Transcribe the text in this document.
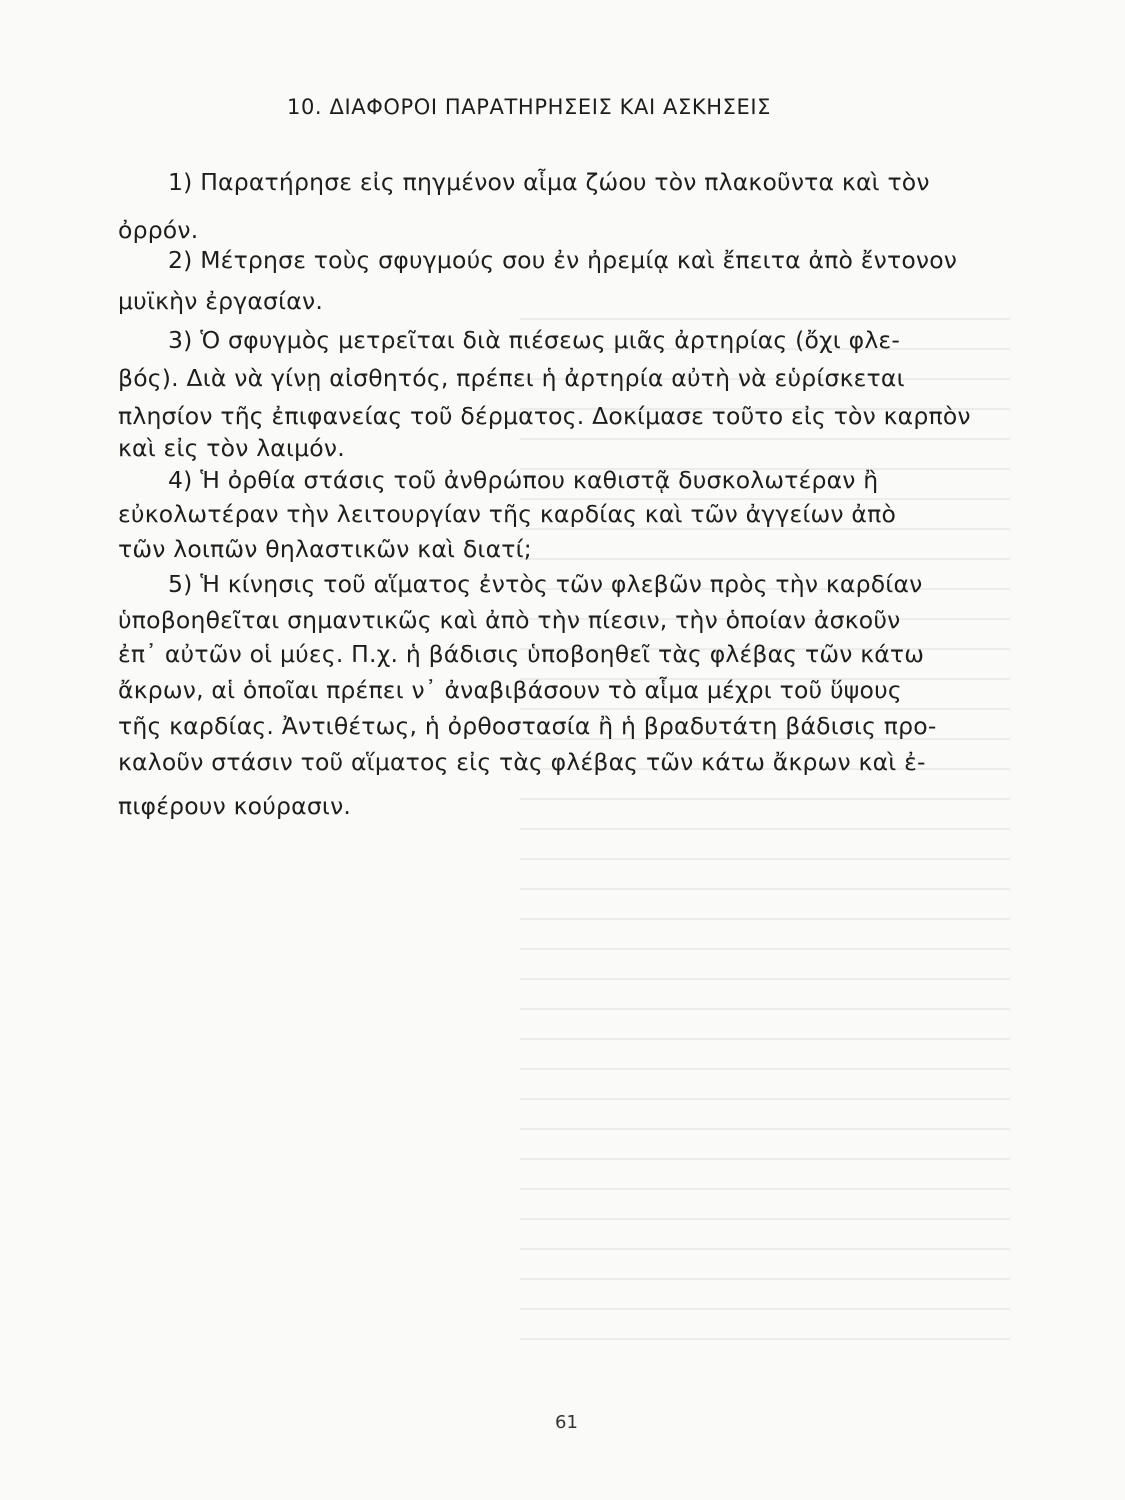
10. ΔΙΑΦΟΡΟΙ ΠΑΡΑΤΗΡΗΣΕΙΣ ΚΑΙ ΑΣΚΗΣΕΙΣ
1) Παρατήρησε εἰς πηγμένον αἷμα ζώου τὸν πλακοῦντα καὶ τὸν
ὀρρόν.
2) Μέτρησε τοὺς σφυγμούς σου ἐν ἠρεμίᾳ καὶ ἔπειτα ἀπὸ ἔντονον
μυϊκὴν ἐργασίαν.
3) Ὁ σφυγμὸς μετρεῖται διὰ πιέσεως μιᾶς ἀρτηρίας (ὄχι φλε-
βός). Διὰ νὰ γίνῃ αἰσθητός, πρέπει ἡ ἀρτηρία αὐτὴ νὰ εὑρίσκεται
πλησίον τῆς ἐπιφανείας τοῦ δέρματος. Δοκίμασε τοῦτο εἰς τὸν καρπὸν
καὶ εἰς τὸν λαιμόν.
4) Ἡ ὀρθία στάσις τοῦ ἀνθρώπου καθιστᾷ δυσκολωτέραν ἢ
εὐκολωτέραν τὴν λειτουργίαν τῆς καρδίας καὶ τῶν ἀγγείων ἀπὸ
τῶν λοιπῶν θηλαστικῶν καὶ διατί;
5) Ἡ κίνησις τοῦ αἵματος ἐντὸς τῶν φλεβῶν πρὸς τὴν καρδίαν
ὑποβοηθεῖται σημαντικῶς καὶ ἀπὸ τὴν πίεσιν, τὴν ὁποίαν ἀσκοῦν
ἐπ᾽ αὐτῶν οἱ μύες. Π.χ. ἡ βάδισις ὑποβοηθεῖ τὰς φλέβας τῶν κάτω
ἄκρων, αἱ ὁποῖαι πρέπει ν᾽ ἀναβιβάσουν τὸ αἷμα μέχρι τοῦ ὕψους
τῆς καρδίας. Ἀντιθέτως, ἡ ὀρθοστασία ἢ ἡ βραδυτάτη βάδισις προ-
καλοῦν στάσιν τοῦ αἵματος εἰς τὰς φλέβας τῶν κάτω ἄκρων καὶ ἐ-
πιφέρουν κούρασιν.
61
